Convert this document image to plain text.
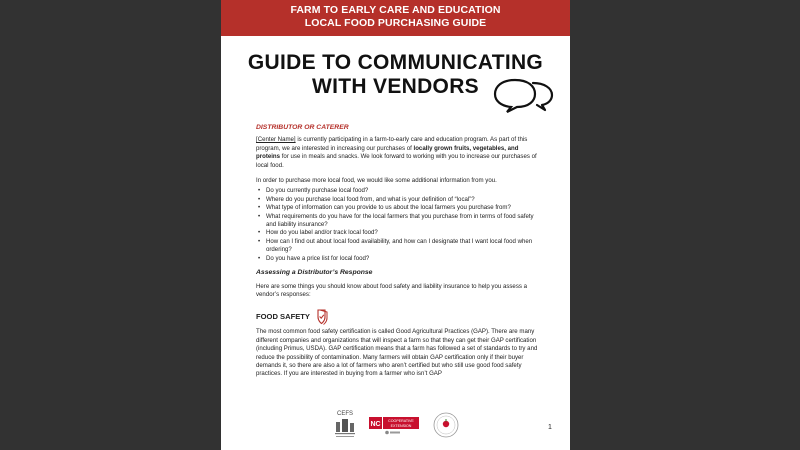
FARM TO EARLY CARE AND EDUCATION
LOCAL FOOD PURCHASING GUIDE
GUIDE TO COMMUNICATING
WITH VENDORS
DISTRIBUTOR OR CATERER

[Center Name] is currently participating in a farm-to-early care and education program. As part of this program, we are interested in increasing our purchases of locally grown fruits, vegetables, and proteins for use in meals and snacks. We look forward to working with you to increase our purchases of local food.

In order to purchase more local food, we would like some additional information from you.

• Do you currently purchase local food?
• Where do you purchase local food from, and what is your definition of “local”?
• What type of information can you provide to us about the local farmers you purchase from?
• What requirements do you have for the local farmers that you purchase from in terms of food safety and liability insurance?
• How do you label and/or track local food?
• How can I find out about local food availability, and how can I designate that I want local food when ordering?
• Do you have a price list for local food?
Assessing a Distributor’s Response

Here are some things you should know about food safety and liability insurance to help you assess a vendor’s responses:

FOOD SAFETY

The most common food safety certification is called Good Agricultural Practices (GAP). There are many different companies and organizations that will inspect a farm so that they can get their GAP certification (including Primus, USDA). GAP certification means that a farm has followed a set of standards to try and reduce the possibility of contamination. Many farmers will obtain GAP certification only if their buyer demands it, so there are also a lot of farmers who aren’t certified but who still use good food safety practices. If you are interested in buying from a farmer who isn’t GAP

CEFS
NC COOPERATIVE
EXTENSION	1
